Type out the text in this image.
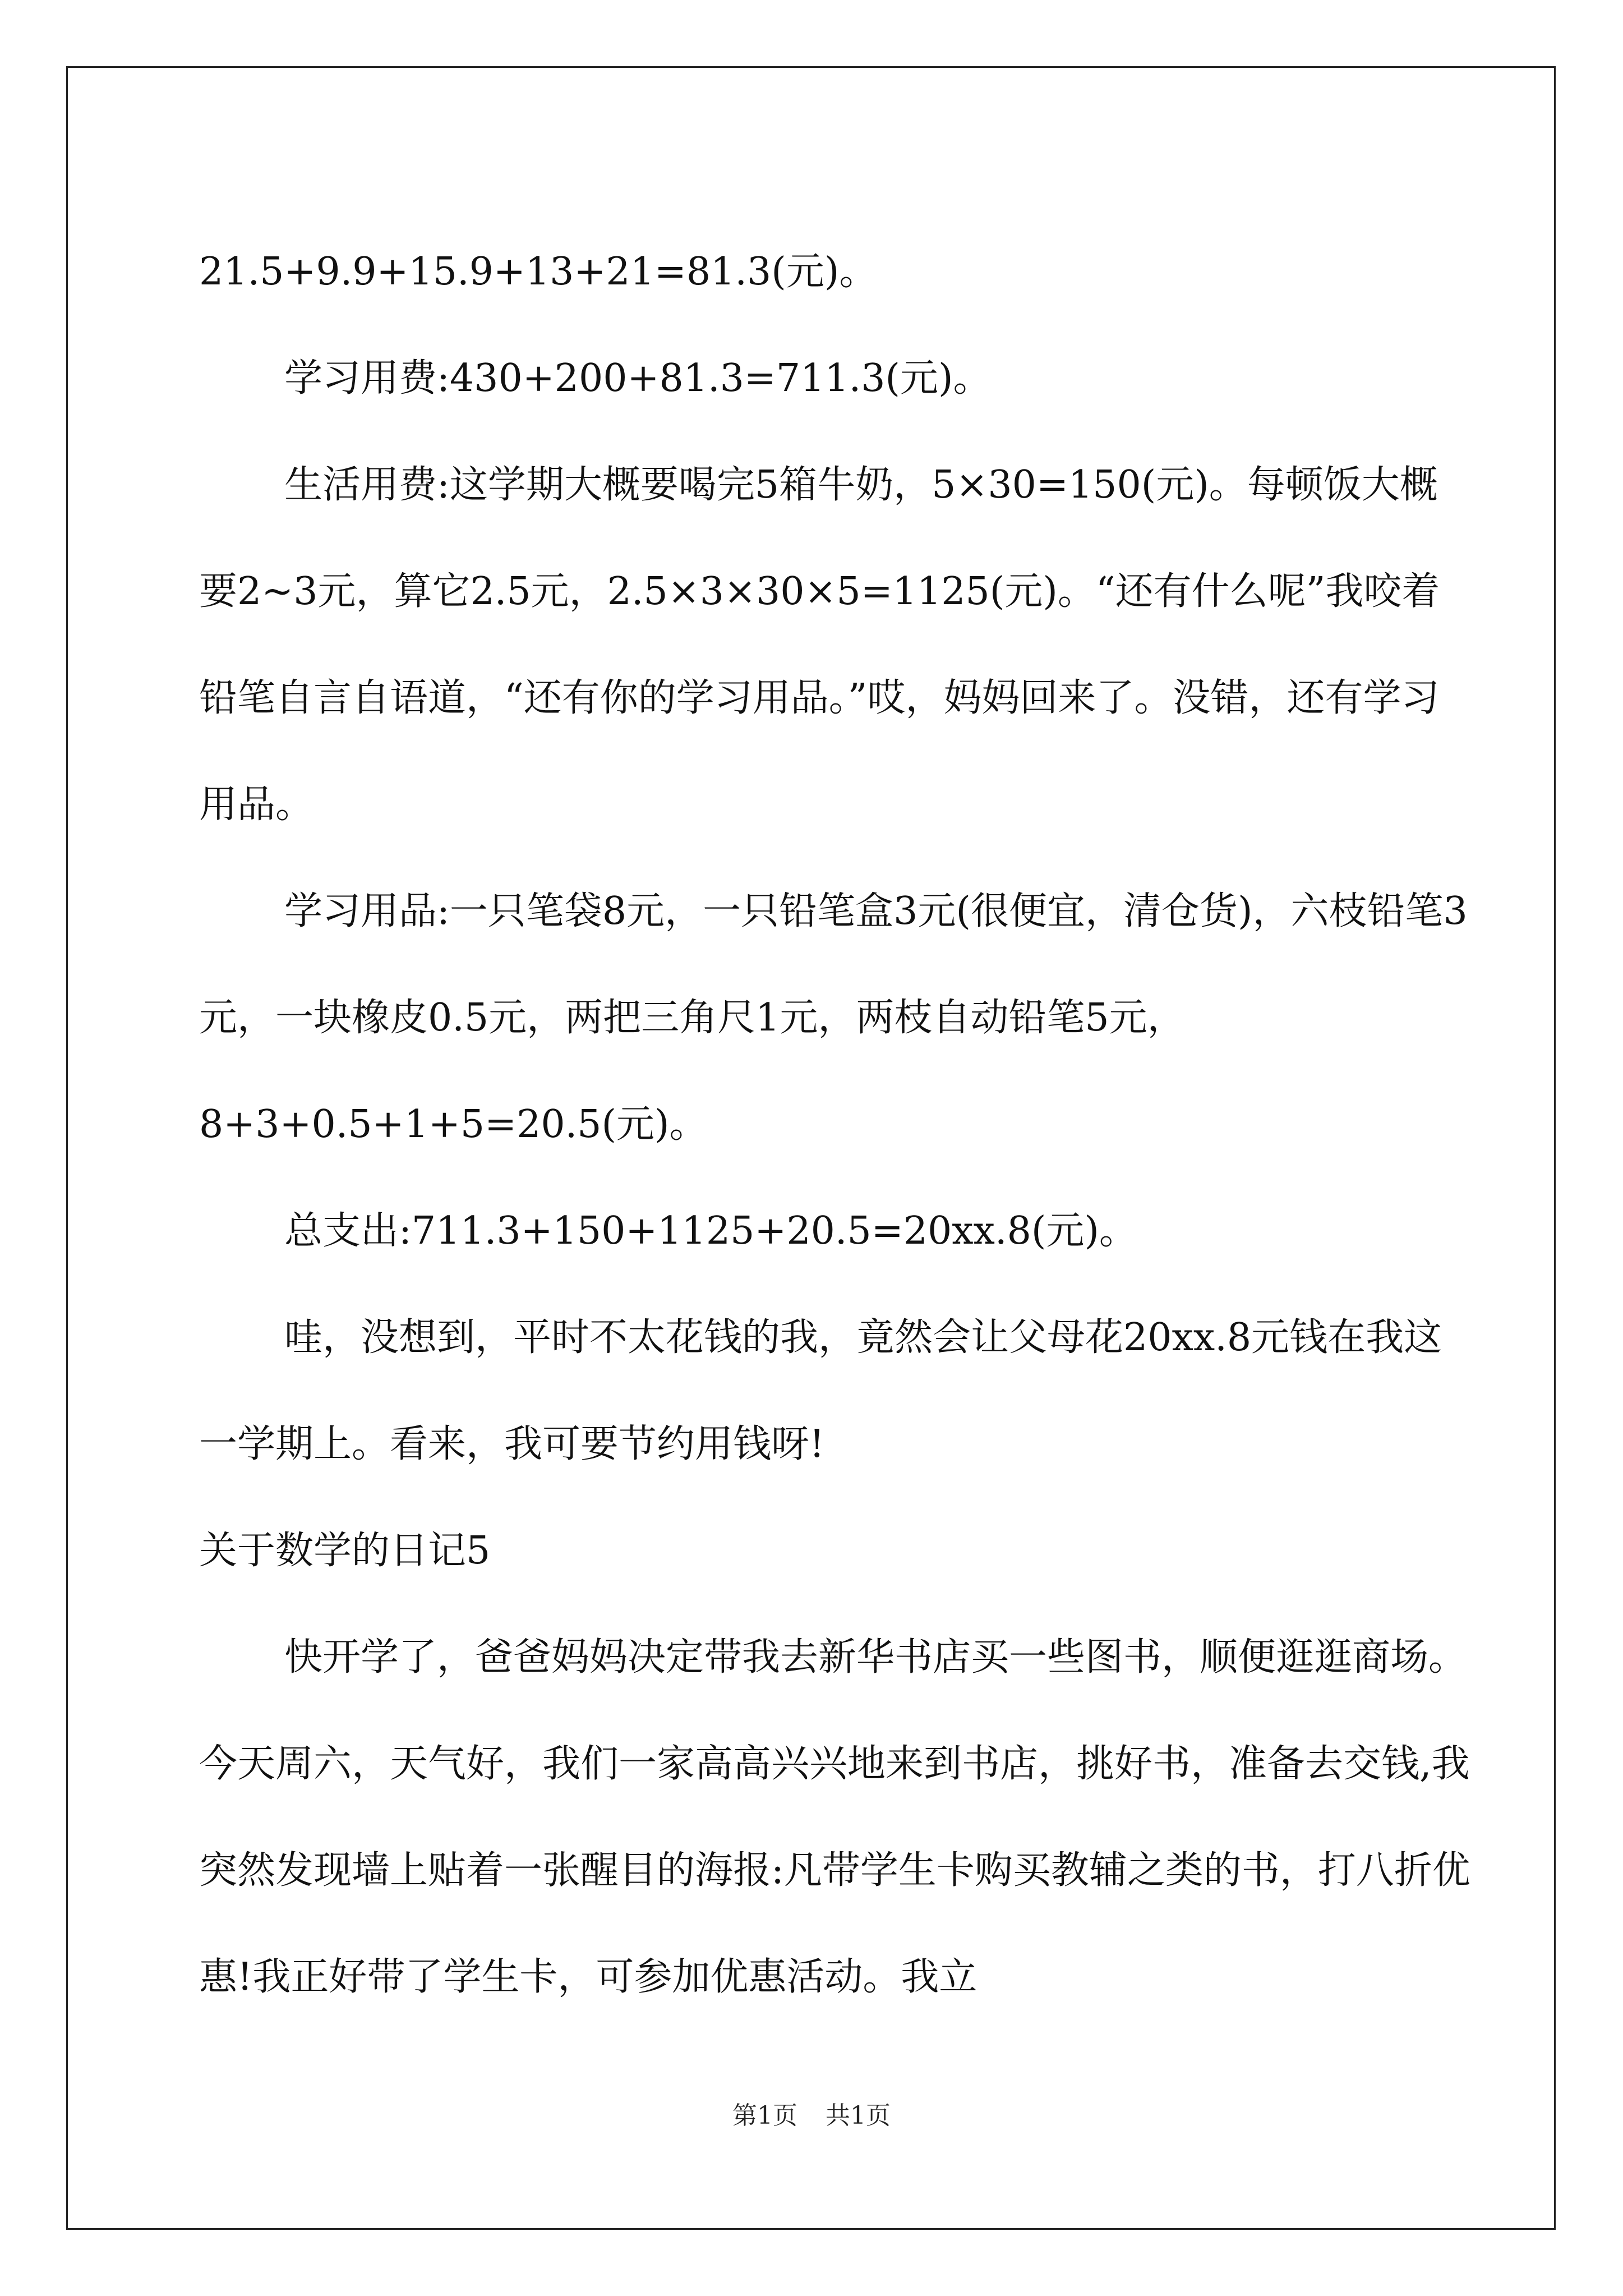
21.5+9.9+15.9+13+21=81.3(元)。

学习用费:430+200+81.3=711.3(元)。

生活用费:这学期大概要喝完5箱牛奶，5×30=150(元)。每顿饭大概要2~3元，算它2.5元，2.5×3×30×5=1125(元)。“还有什么呢”我咬着铅笔自言自语道，“还有你的学习用品。”哎，妈妈回来了。没错，还有学习用品。

学习用品:一只笔袋8元，一只铅笔盒3元(很便宜，清仓货)，六枝铅笔3元，一块橡皮0.5元，两把三角尺1元，两枝自动铅笔5元，8+3+0.5+1+5=20.5(元)。

总支出:711.3+150+1125+20.5=20xx.8(元)。

哇，没想到，平时不太花钱的我，竟然会让父母花20xx.8元钱在我这一学期上。看来，我可要节约用钱呀!

关于数学的日记5

快开学了，爸爸妈妈决定带我去新华书店买一些图书，顺便逛逛商场。今天周六，天气好，我们一家高高兴兴地来到书店，挑好书，准备去交钱,我突然发现墙上贴着一张醒目的海报:凡带学生卡购买教辅之类的书，打八折优惠!我正好带了学生卡，可参加优惠活动。我立

第1页 共1页
